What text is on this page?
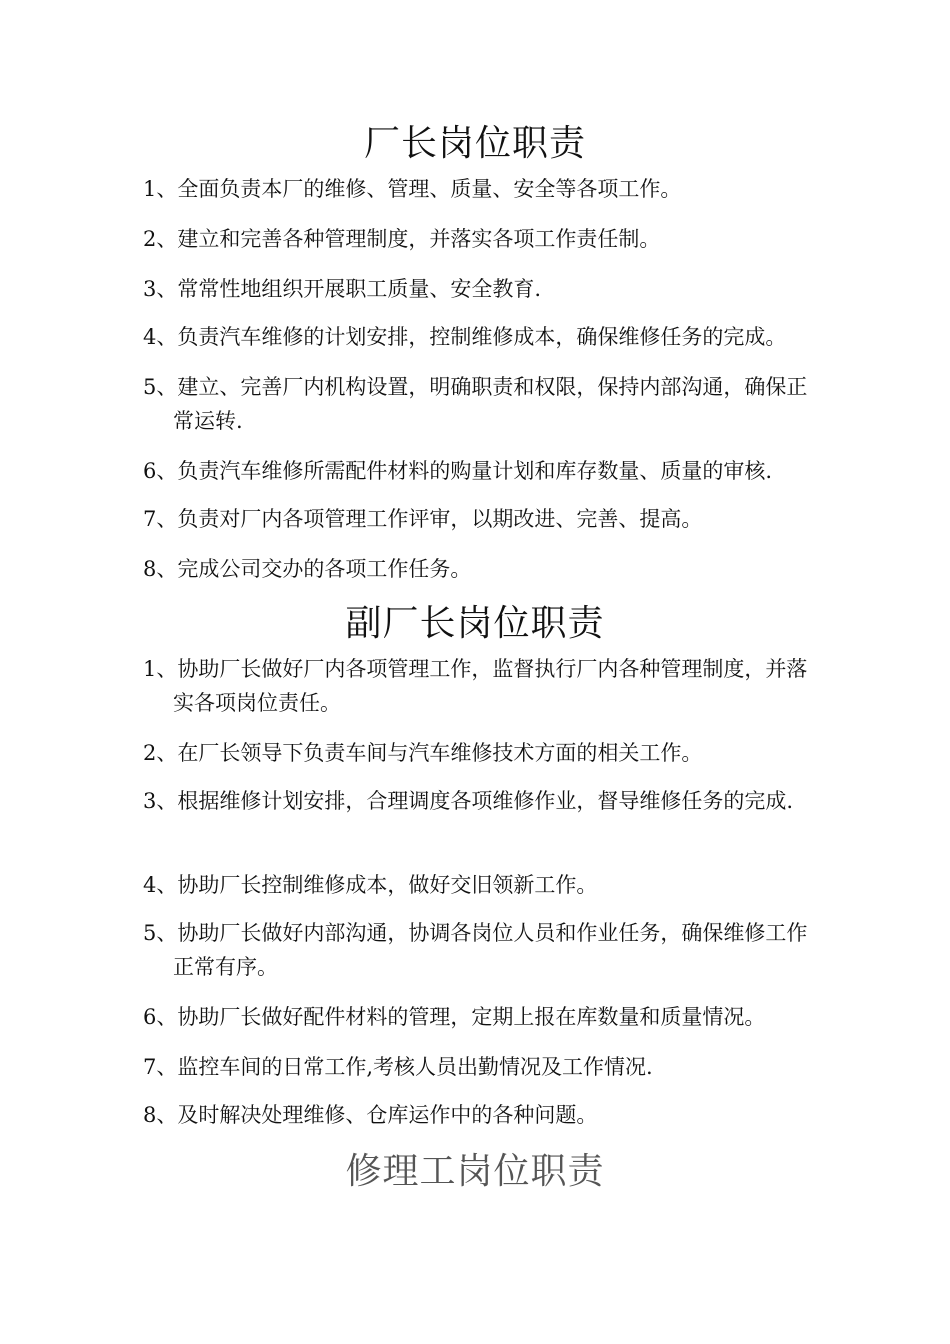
厂长岗位职责

1、全面负责本厂的维修、管理、质量、安全等各项工作。

2、建立和完善各种管理制度，并落实各项工作责任制。

3、常常性地组织开展职工质量、安全教育.

4、负责汽车维修的计划安排，控制维修成本，确保维修任务的完成。

5、建立、完善厂内机构设置，明确职责和权限，保持内部沟通，确保正常运转.

6、负责汽车维修所需配件材料的购量计划和库存数量、质量的审核.

7、负责对厂内各项管理工作评审，以期改进、完善、提高。

8、完成公司交办的各项工作任务。

副厂长岗位职责

1、协助厂长做好厂内各项管理工作，监督执行厂内各种管理制度，并落实各项岗位责任。

2、在厂长领导下负责车间与汽车维修技术方面的相关工作。

3、根据维修计划安排，合理调度各项维修作业，督导维修任务的完成.

4、协助厂长控制维修成本，做好交旧领新工作。

5、协助厂长做好内部沟通，协调各岗位人员和作业任务，确保维修工作正常有序。

6、协助厂长做好配件材料的管理，定期上报在库数量和质量情况。

7、监控车间的日常工作,考核人员出勤情况及工作情况.

8、及时解决处理维修、仓库运作中的各种问题。

修理工岗位职责
